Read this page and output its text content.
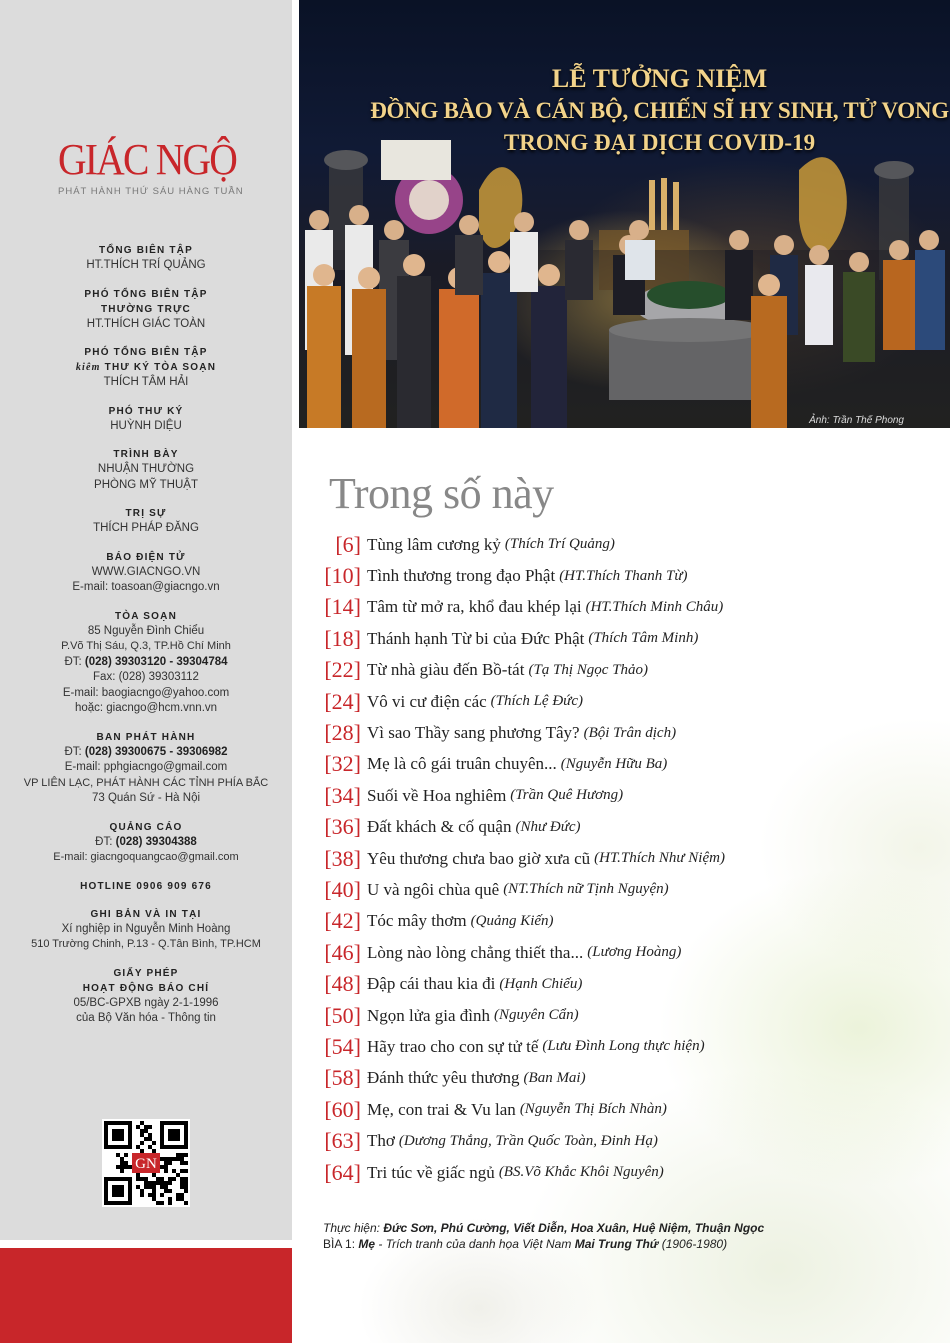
GIÁC NGỘ
PHÁT HÀNH THỨ SÁU HÀNG TUẦN
TỔNG BIÊN TẬP
HT.THÍCH TRÍ QUẢNG
PHÓ TỔNG BIÊN TẬP
THƯỜNG TRỰC
HT.THÍCH GIÁC TOÀN
PHÓ TỔNG BIÊN TẬP
kiêm THƯ KÝ TÒA SOẠN
THÍCH TÂM HẢI
PHÓ THƯ KÝ
HUỲNH DIỆU
TRÌNH BÀY
NHUẬN THƯỜNG
PHÒNG MỸ THUẬT
TRỊ SỰ
THÍCH PHÁP ĐĂNG
BÁO ĐIỆN TỬ
WWW.GIACNGO.VN
E-mail: toasoan@giacngo.vn
TÒA SOẠN
85 Nguyễn Đình Chiểu
P.Võ Thị Sáu, Q.3, TP.Hồ Chí Minh
ĐT: (028) 39303120 - 39304784
Fax: (028) 39303112
E-mail: baogiacngo@yahoo.com
hoặc: giacngo@hcm.vnn.vn
BAN PHÁT HÀNH
ĐT: (028) 39300675 - 39306982
E-mail: pphgiacngo@gmail.com
VP LIÊN LẠC, PHÁT HÀNH CÁC TỈNH PHÍA BẮC
73 Quán Sứ - Hà Nội
QUẢNG CÁO
ĐT: (028) 39304388
E-mail: giacngoquangcao@gmail.com
HOTLINE 0906 909 676
GHI BẢN VÀ IN TẠI
Xí nghiệp in Nguyễn Minh Hoàng
510 Trường Chinh, P.13 - Q.Tân Bình, TP.HCM
GIẤY PHÉP
HOẠT ĐỘNG BÁO CHÍ
05/BC-GPXB ngày 2-1-1996
của Bộ Văn hóa - Thông tin
GN
LỄ TƯỞNG NIỆM
ĐỒNG BÀO VÀ CÁN BỘ, CHIẾN SĨ HY SINH, TỬ VONG
TRONG ĐẠI DỊCH COVID-19
Ảnh: Trần Thế Phong
Trong số này
[ 6 ] Tùng lâm cương kỷ (Thích Trí Quảng)
[ 10 ] Tình thương trong đạo Phật (HT.Thích Thanh Từ)
[ 14 ] Tâm từ mở ra, khổ đau khép lại (HT.Thích Minh Châu)
[ 18 ] Thánh hạnh Từ bi của Đức Phật (Thích Tâm Minh)
[ 22 ] Từ nhà giàu đến Bồ-tát (Tạ Thị Ngọc Thảo)
[ 24 ] Vô vi cư điện các (Thích Lệ Đức)
[ 28 ] Vì sao Thầy sang phương Tây? (Bội Trân dịch)
[ 32 ] Mẹ là cô gái truân chuyên... (Nguyễn Hữu Ba)
[ 34 ] Suối về Hoa nghiêm (Trần Quê Hương)
[ 36 ] Đất khách & cố quận (Như Đức)
[ 38 ] Yêu thương chưa bao giờ xưa cũ (HT.Thích Như Niệm)
[ 40 ] U và ngôi chùa quê (NT.Thích nữ Tịnh Nguyện)
[ 42 ] Tóc mây thơm (Quảng Kiến)
[ 46 ] Lòng nào lòng chẳng thiết tha... (Lương Hoàng)
[ 48 ] Đập cái thau kia đi (Hạnh Chiếu)
[ 50 ] Ngọn lửa gia đình (Nguyên Cẩn)
[ 54 ] Hãy trao cho con sự tử tế (Lưu Đình Long thực hiện)
[ 58 ] Đánh thức yêu thương (Ban Mai)
[ 60 ] Mẹ, con trai & Vu lan (Nguyễn Thị Bích Nhàn)
[ 63 ] Thơ (Dương Thắng, Trần Quốc Toàn, Đinh Hạ)
[ 64 ] Tri túc về giấc ngủ (BS.Võ Khắc Khôi Nguyên)
Thực hiện: Đức Sơn, Phú Cường, Viết Diễn, Hoa Xuân, Huệ Niệm, Thuận Ngọc
BÌA 1: Mẹ - Trích tranh của danh họa Việt Nam Mai Trung Thứ (1906-1980)
